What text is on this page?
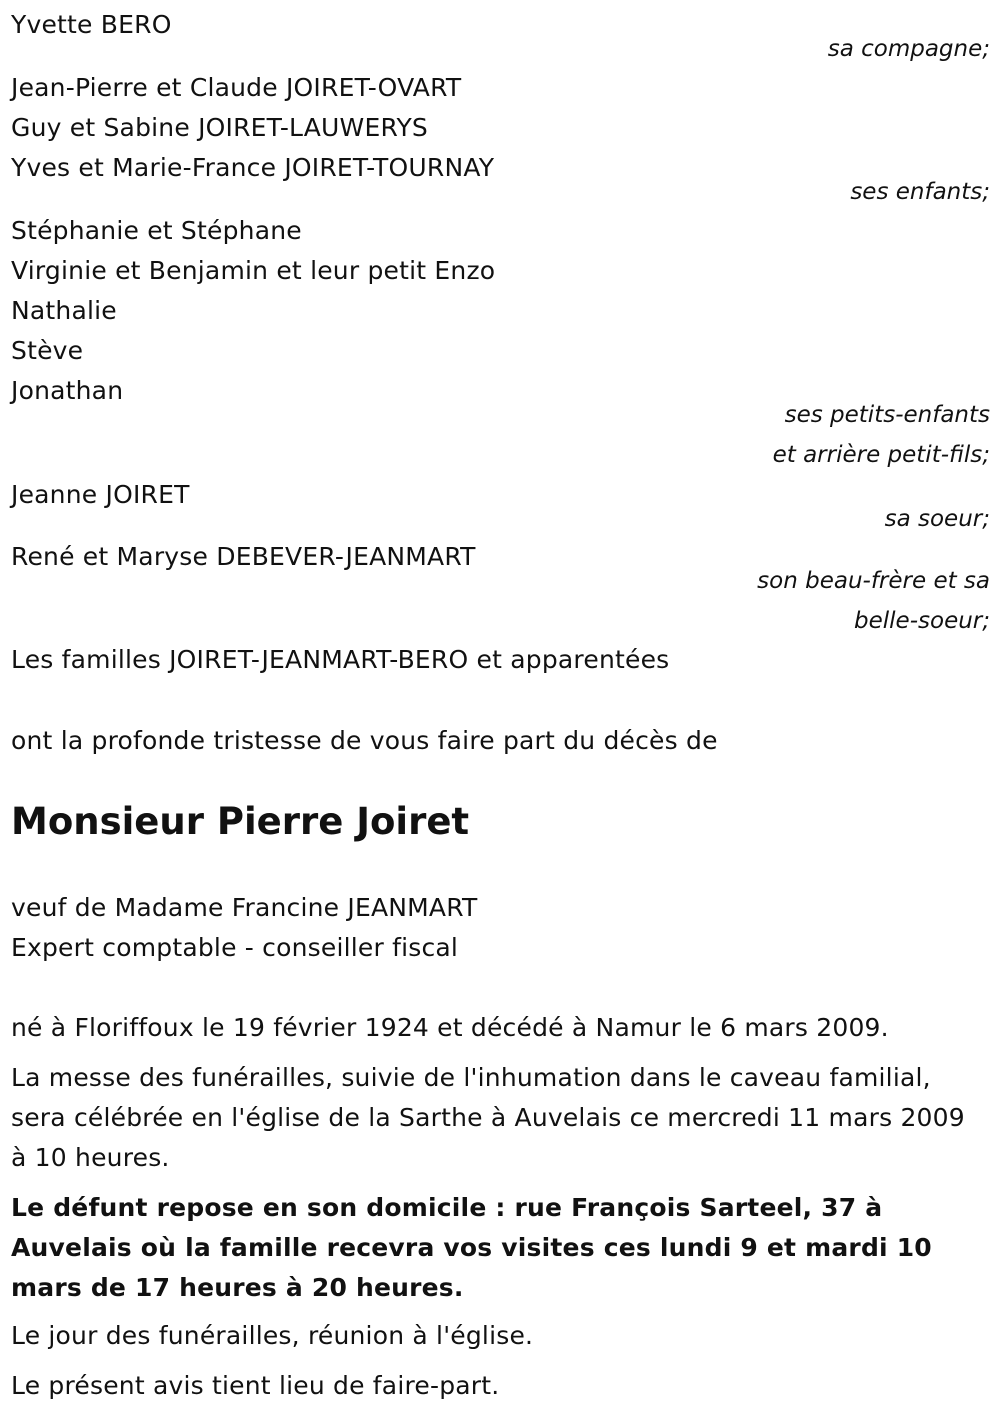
Yvette BERO
sa compagne;
Jean-Pierre et Claude JOIRET-OVART
Guy et Sabine JOIRET-LAUWERYS
Yves et Marie-France JOIRET-TOURNAY
ses enfants;
Stéphanie et Stéphane
Virginie et Benjamin et leur petit Enzo
Nathalie
Stève
Jonathan
ses petits-enfants
et arrière petit-fils;
Jeanne JOIRET
sa soeur;
René et Maryse DEBEVER-JEANMART
son beau-frère et sa
belle-soeur;
Les familles JOIRET-JEANMART-BERO et apparentées
ont la profonde tristesse de vous faire part du décès de
Monsieur Pierre Joiret
veuf de Madame Francine JEANMART
Expert comptable - conseiller fiscal
né à Floriffoux le 19 février 1924 et décédé à Namur le 6 mars 2009.
La messe des funérailles, suivie de l'inhumation dans le caveau familial, sera célébrée en l'église de la Sarthe à Auvelais ce mercredi 11 mars 2009 à 10 heures.
Le défunt repose en son domicile : rue François Sarteel, 37 à Auvelais où la famille recevra vos visites ces lundi 9 et mardi 10 mars de 17 heures à 20 heures.
Le jour des funérailles, réunion à l'église.
Le présent avis tient lieu de faire-part.
